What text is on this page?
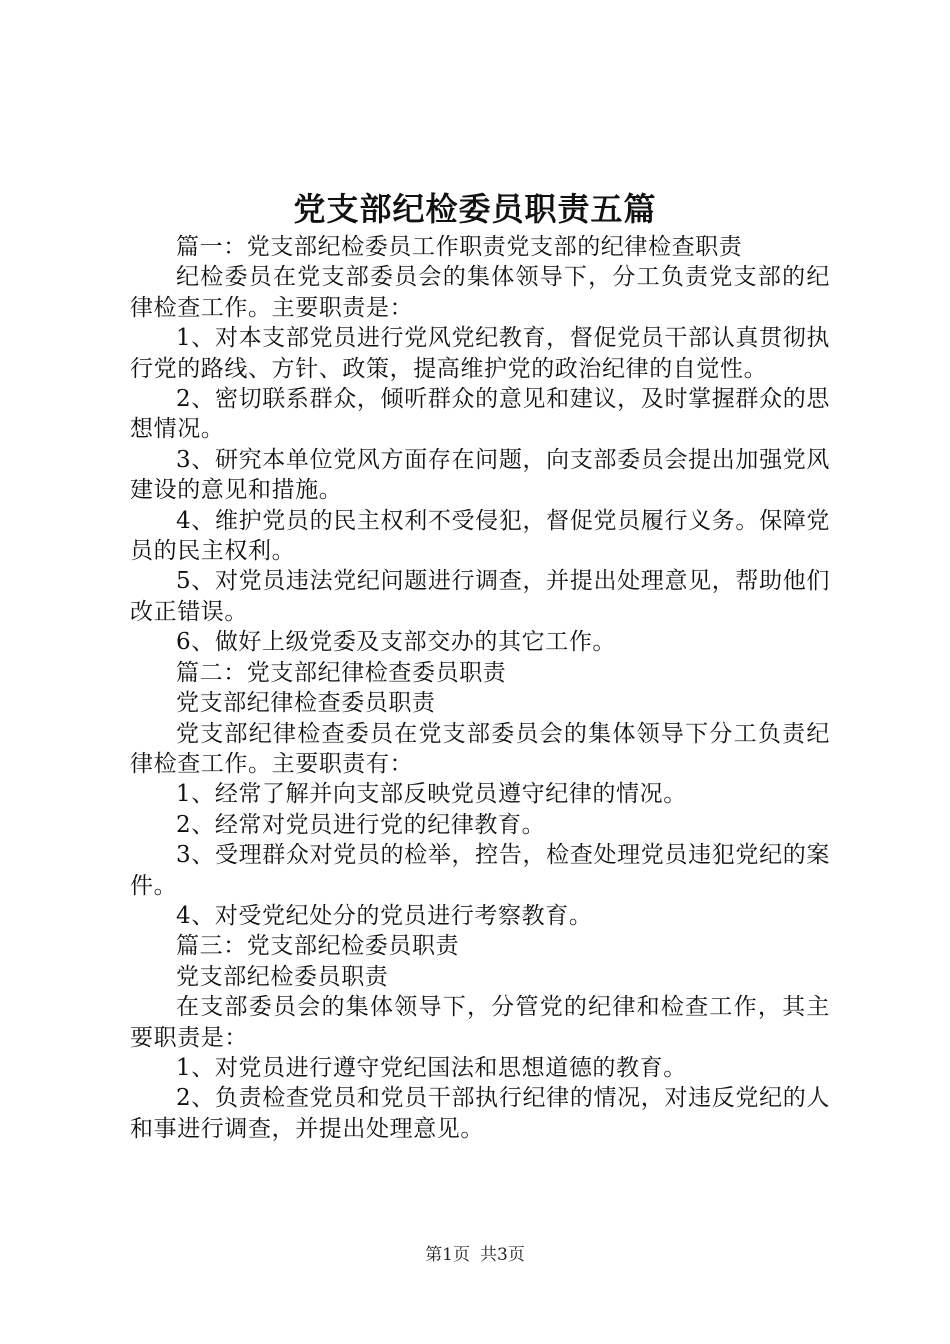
党支部纪检委员职责五篇

篇一：党支部纪检委员工作职责党支部的纪律检查职责

纪检委员在党支部委员会的集体领导下，分工负责党支部的纪律检查工作。主要职责是：

1、对本支部党员进行党风党纪教育，督促党员干部认真贯彻执行党的路线、方针、政策，提高维护党的政治纪律的自觉性。

2、密切联系群众，倾听群众的意见和建议，及时掌握群众的思想情况。

3、研究本单位党风方面存在问题，向支部委员会提出加强党风建设的意见和措施。

4、维护党员的民主权利不受侵犯，督促党员履行义务。保障党员的民主权利。

5、对党员违法党纪问题进行调查，并提出处理意见，帮助他们改正错误。

6、做好上级党委及支部交办的其它工作。

篇二：党支部纪律检查委员职责

党支部纪律检查委员职责

党支部纪律检查委员在党支部委员会的集体领导下分工负责纪律检查工作。主要职责有：

1、经常了解并向支部反映党员遵守纪律的情况。

2、经常对党员进行党的纪律教育。

3、受理群众对党员的检举，控告，检查处理党员违犯党纪的案件。

4、对受党纪处分的党员进行考察教育。

篇三：党支部纪检委员职责

党支部纪检委员职责

在支部委员会的集体领导下，分管党的纪律和检查工作，其主要职责是：

1、对党员进行遵守党纪国法和思想道德的教育。

2、负责检查党员和党员干部执行纪律的情况，对违反党纪的人和事进行调查，并提出处理意见。

第1页 共3页
